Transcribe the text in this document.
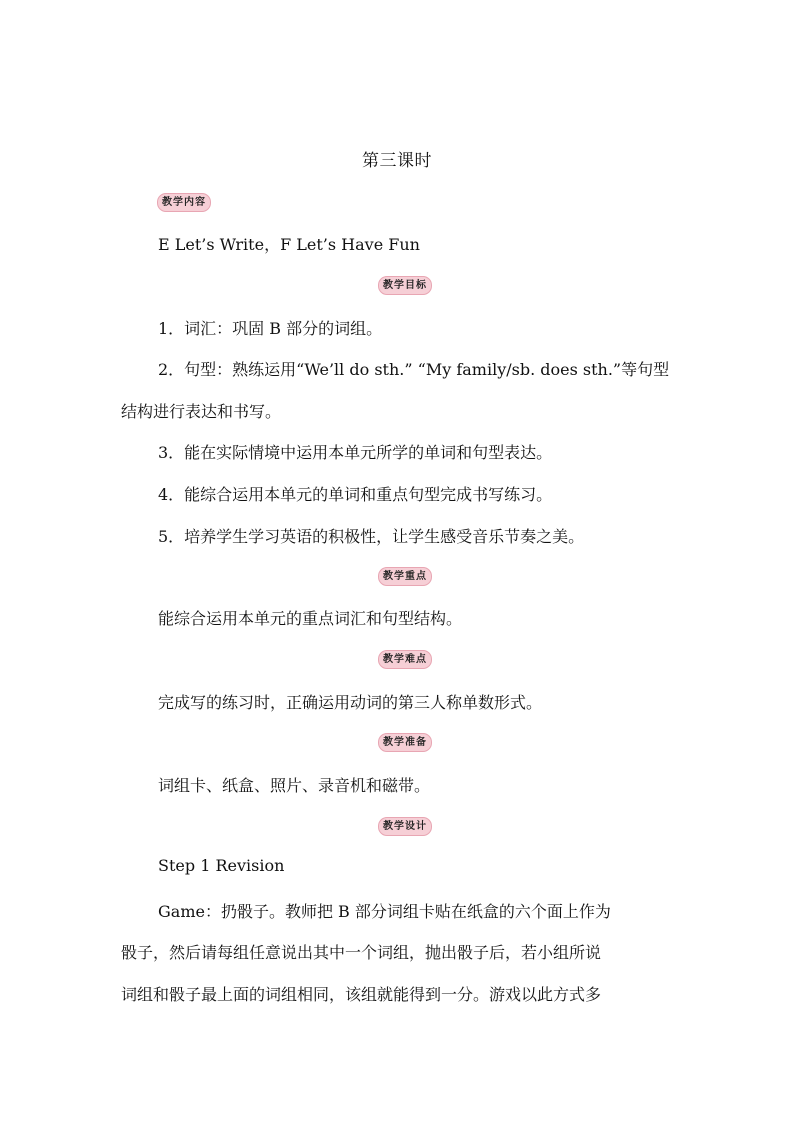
第三课时
教学内容
E Let’s Write，F Let’s Have Fun
教学目标
1．词汇：巩固 B 部分的词组。
2．句型：熟练运用“We’ll do sth.” “My family/sb. does sth.”等句型
结构进行表达和书写。
3．能在实际情境中运用本单元所学的单词和句型表达。
4．能综合运用本单元的单词和重点句型完成书写练习。
5．培养学生学习英语的积极性，让学生感受音乐节奏之美。
教学重点
能综合运用本单元的重点词汇和句型结构。
教学难点
完成写的练习时，正确运用动词的第三人称单数形式。
教学准备
词组卡、纸盒、照片、录音机和磁带。
教学设计
Step 1 Revision
Game：扔骰子。教师把 B 部分词组卡贴在纸盒的六个面上作为
骰子，然后请每组任意说出其中一个词组，抛出骰子后，若小组所说
词组和骰子最上面的词组相同，该组就能得到一分。游戏以此方式多
